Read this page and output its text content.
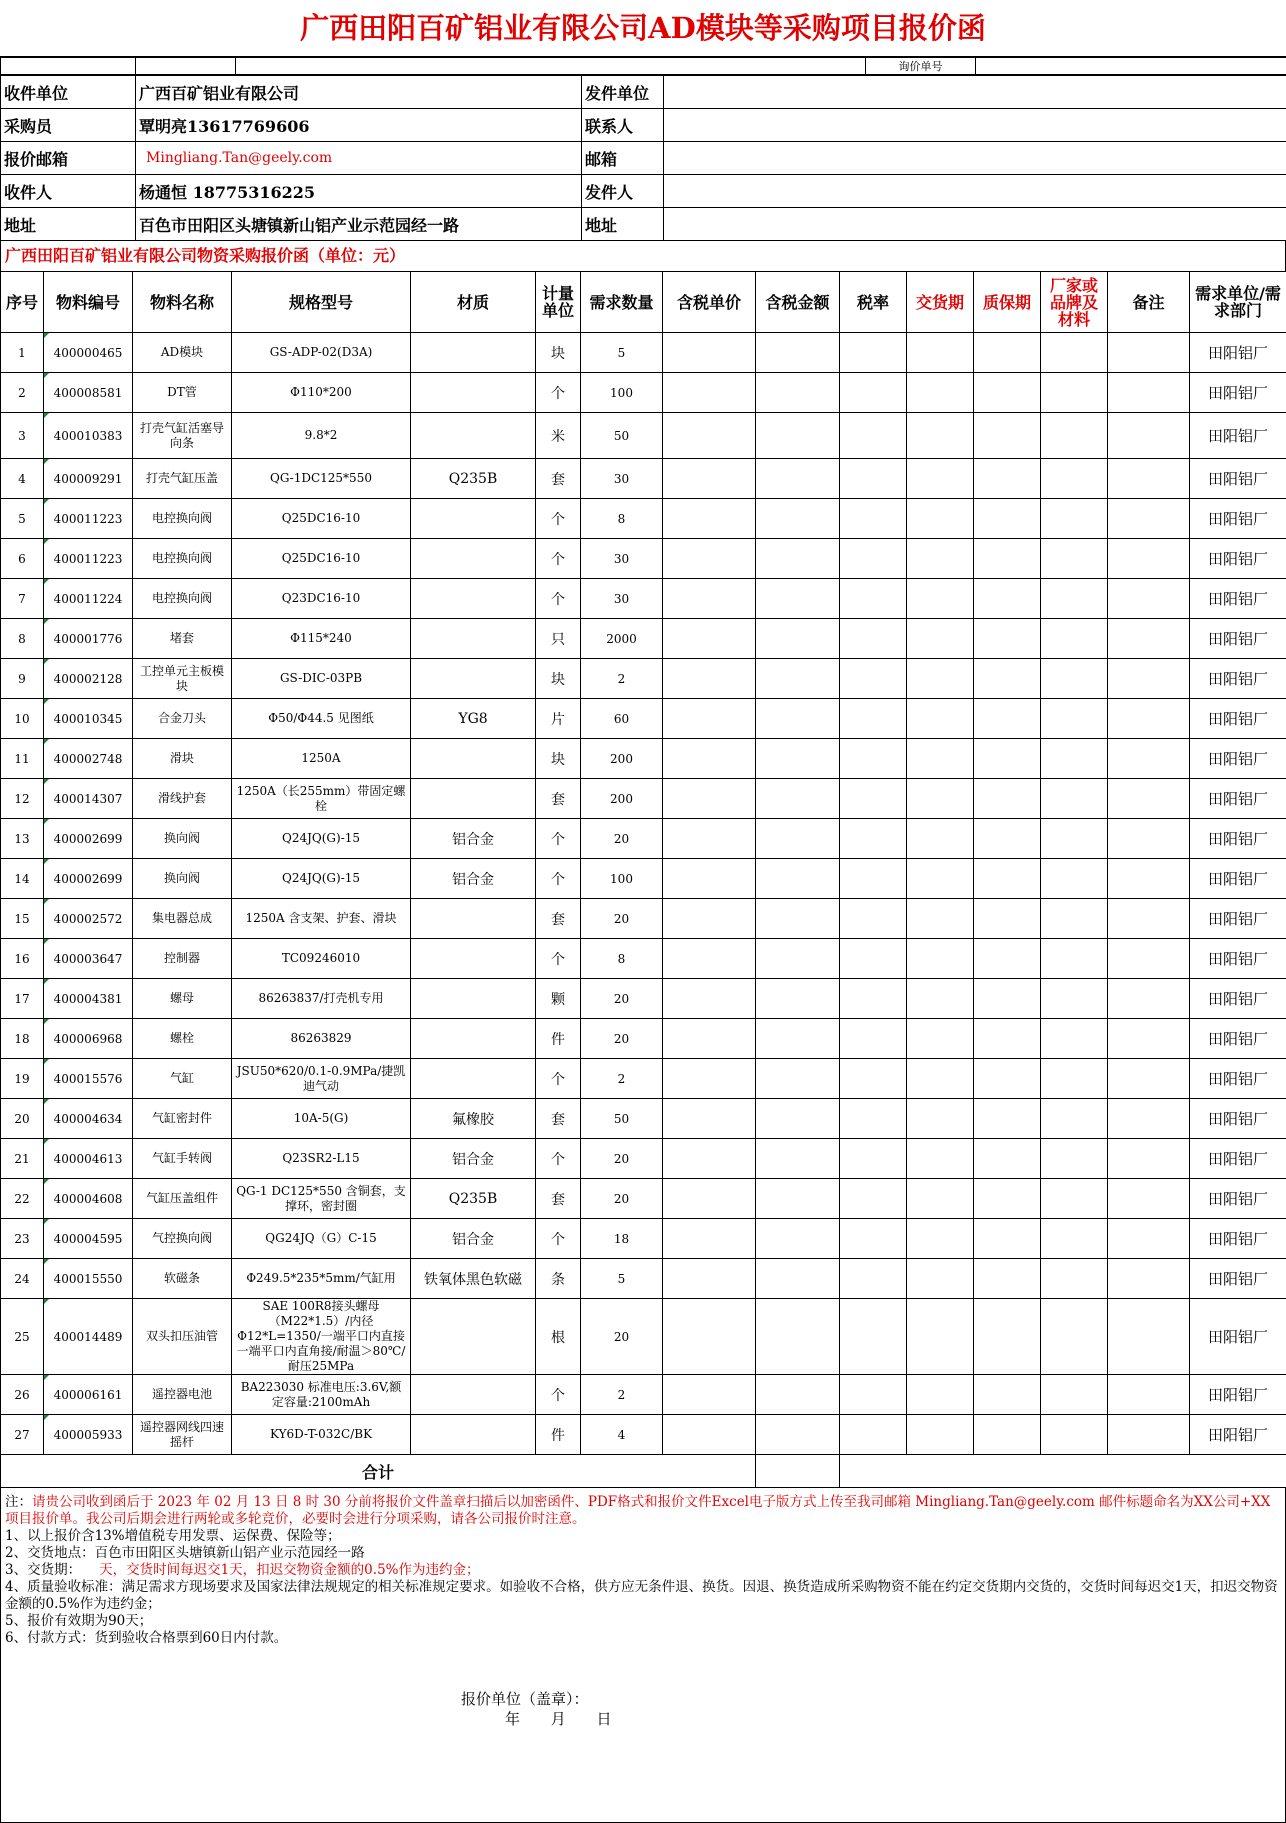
广西田阳百矿铝业有限公司AD模块等采购项目报价函
			询价单号	
收件单位	广西百矿铝业有限公司	发件单位	
采购员	覃明亮13617769606	联系人	
报价邮箱	Mingliang.Tan@geely.com	邮箱	
收件人	杨通恒 18775316225	发件人	
地址	百色市田阳区头塘镇新山铝产业示范园经一路	地址	
广西田阳百矿铝业有限公司物资采购报价函（单位：元）
序号	物料编号	物料名称	规格型号	材质	计量单位	需求数量	含税单价	含税金额	税率	交货期	质保期	厂家或品牌及材料	备注	需求单位/需求部门
1	400000465	AD模块	GS-ADP-02(D3A)		块	5								田阳铝厂
2	400008581	DT管	Φ110*200		个	100								田阳铝厂
3	400010383	打壳气缸活塞导向条	9.8*2		米	50								田阳铝厂
4	400009291	打壳气缸压盖	QG-1DC125*550	Q235B	套	30								田阳铝厂
5	400011223	电控换向阀	Q25DC16-10		个	8								田阳铝厂
6	400011223	电控换向阀	Q25DC16-10		个	30								田阳铝厂
7	400011224	电控换向阀	Q23DC16-10		个	30								田阳铝厂
8	400001776	堵套	Φ115*240		只	2000								田阳铝厂
9	400002128	工控单元主板模块	GS-DIC-03PB		块	2								田阳铝厂
10	400010345	合金刀头	Φ50/Φ44.5 见图纸	YG8	片	60								田阳铝厂
11	400002748	滑块	1250A		块	200								田阳铝厂
12	400014307	滑线护套	1250A（长255mm）带固定螺栓		套	200								田阳铝厂
13	400002699	换向阀	Q24JQ(G)-15	铝合金	个	20								田阳铝厂
14	400002699	换向阀	Q24JQ(G)-15	铝合金	个	100								田阳铝厂
15	400002572	集电器总成	1250A 含支架、护套、滑块		套	20								田阳铝厂
16	400003647	控制器	TC09246010		个	8								田阳铝厂
17	400004381	螺母	86263837/打壳机专用		颗	20								田阳铝厂
18	400006968	螺栓	86263829		件	20								田阳铝厂
19	400015576	气缸	JSU50*620/0.1-0.9MPa/捷凯迪气动		个	2								田阳铝厂
20	400004634	气缸密封件	10A-5(G)	氟橡胶	套	50								田阳铝厂
21	400004613	气缸手转阀	Q23SR2-L15	铝合金	个	20								田阳铝厂
22	400004608	气缸压盖组件	QG-1 DC125*550 含铜套，支撑环，密封圈	Q235B	套	20								田阳铝厂
23	400004595	气控换向阀	QG24JQ（G）C-15	铝合金	个	18								田阳铝厂
24	400015550	软磁条	Φ249.5*235*5mm/气缸用	铁氧体黑色软磁	条	5								田阳铝厂
25	400014489	双头扣压油管	SAE 100R8接头螺母（M22*1.5）/内径Φ12*L=1350/一端平口内直接一端平口内直角接/耐温＞80℃/耐压25MPa		根	20								田阳铝厂
26	400006161	遥控器电池	BA223030 标准电压:3.6V,额定容量:2100mAh		个	2								田阳铝厂
27	400005933	遥控器网线四速摇杆	KY6D-T-032C/BK		件	4								田阳铝厂
合计														

注：请贵公司收到函后于 2023 年 02 月 13 日 8 时 30 分前将报价文件盖章扫描后以加密函件、PDF格式和报价文件Excel电子版方式上传至我司邮箱 Mingliang.Tan@geely.com 邮件标题命名为XX公司+XX项目报价单。我公司后期会进行两轮或多轮竞价，必要时会进行分项采购，请各公司报价时注意。

1、以上报价含13%增值税专用发票、运保费、保险等；

2、交货地点：百色市田阳区头塘镇新山铝产业示范园经一路

3、交货期： 天，交货时间每迟交1天，扣迟交物资金额的0.5%作为违约金；

4、质量验收标准：满足需求方现场要求及国家法律法规规定的相关标准规定要求。如验收不合格，供方应无条件退、换货。因退、换货造成所采购物资不能在约定交货期内交货的，交货时间每迟交1天，扣迟交物资金额的0.5%作为违约金；

5、报价有效期为90天；

6、付款方式：货到验收合格票到60日内付款。

报价单位（盖章）：
年 月 日
